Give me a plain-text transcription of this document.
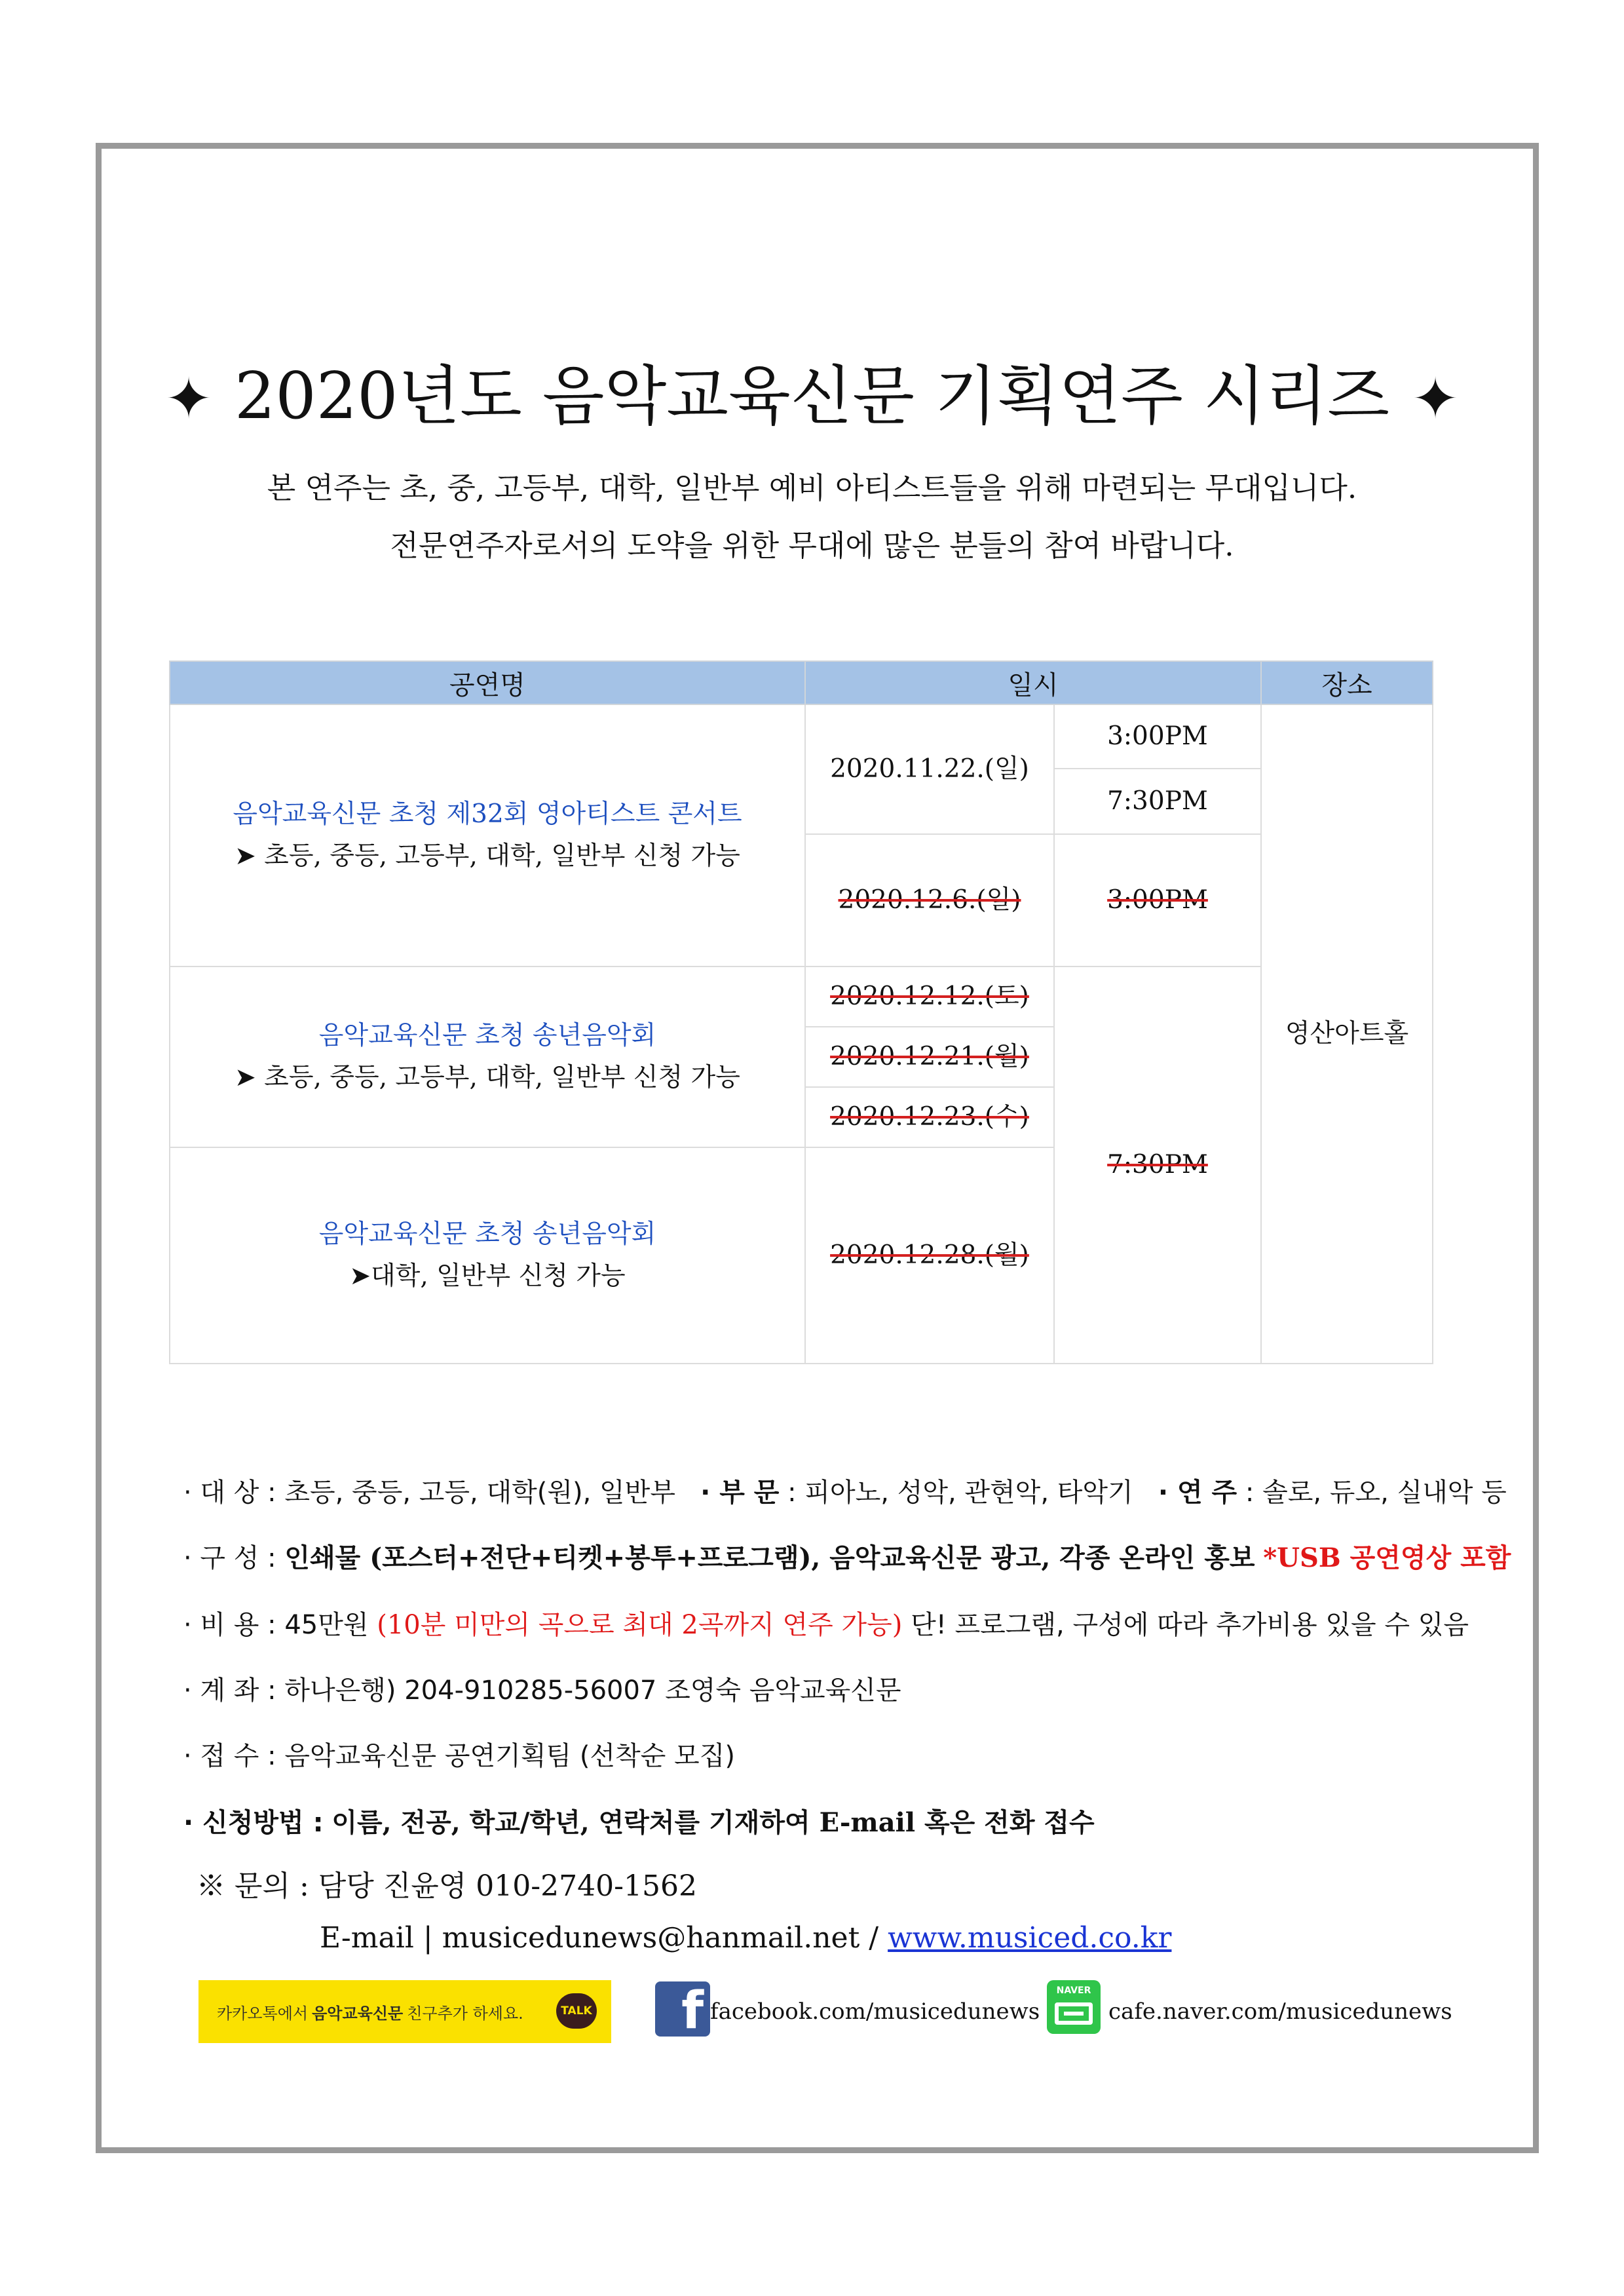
✦ 2020년도 음악교육신문 기획연주 시리즈 ✦
본 연주는 초, 중, 고등부, 대학, 일반부 예비 아티스트들을 위해 마련되는 무대입니다.
전문연주자로서의 도약을 위한 무대에 많은 분들의 참여 바랍니다.
공연명	일시		장소

음악교육신문 초청 제32회 영아티스트 콘서트
➤ 초등, 중등, 고등부, 대학, 일반부 신청 가능	2020.11.22.(일)	3:00PM	영산아트홀
		7:30PM	
	2020.12.6.(일)	3:00PM	

음악교육신문 초청 송년음악회
➤ 초등, 중등, 고등부, 대학, 일반부 신청 가능	2020.12.12.(토)	7:30PM	
	2020.12.21.(월)		
	2020.12.23.(수)		

음악교육신문 초청 송년음악회
➤대학, 일반부 신청 가능	2020.12.28.(월)		
· 대 상 : 초등, 중등, 고등, 대학(원), 일반부 · 부 문 : 피아노, 성악, 관현악, 타악기 · 연 주 : 솔로, 듀오, 실내악 등
· 구 성 : 인쇄물 (포스터+전단+티켓+봉투+프로그램), 음악교육신문 광고, 각종 온라인 홍보 *USB 공연영상 포함
· 비 용 : 45만원 (10분 미만의 곡으로 최대 2곡까지 연주 가능) 단! 프로그램, 구성에 따라 추가비용 있을 수 있음
· 계 좌 : 하나은행) 204-910285-56007 조영숙 음악교육신문
· 접 수 : 음악교육신문 공연기획팀 (선착순 모집)
· 신청방법 : 이름, 전공, 학교/학년, 연락처를 기재하여 E-mail 혹은 전화 접수
※ 문의 : 담당 진윤영 010-2740-1562
E-mail | musicedunews@hanmail.net / www.musiced.co.kr
카카오톡에서 음악교육신문 친구추가 하세요.	TALK	f facebook.com/musicedunews
NAVER
cafe.naver.com/musicedunews
